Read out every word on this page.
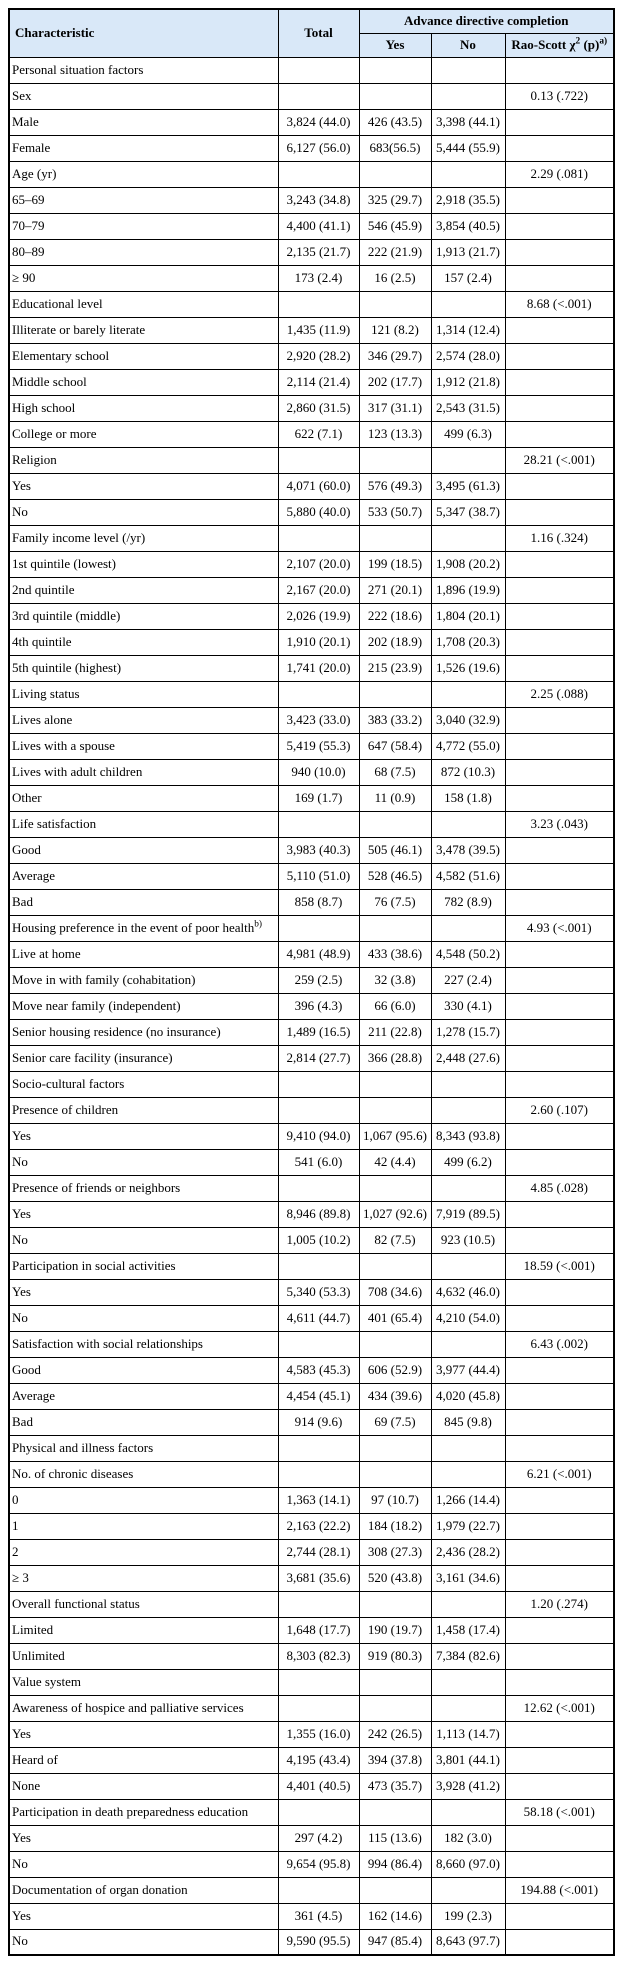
Characteristic	Total	Advance directive completion		
		Yes	No	Rao-Scott $\chi^2$ $(p)^{a)}$
Personal situation factors				
Sex				0.13 (.722)
Male	3,824 (44.0)	426 (43.5)	3,398 (44.1)	
Female	6,127 (56.0)	683(56.5)	5,444 (55.9)	
Age (yr)				2.29 (.081)
65–69	3,243 (34.8)	325 (29.7)	2,918 (35.5)	
70–79	4,400 (41.1)	546 (45.9)	3,854 (40.5)	
80–89	2,135 (21.7)	222 (21.9)	1,913 (21.7)	
≥ 90	173 (2.4)	16 (2.5)	157 (2.4)	
Educational level				8.68 (<.001)
Illiterate or barely literate	1,435 (11.9)	121 (8.2)	1,314 (12.4)	
Elementary school	2,920 (28.2)	346 (29.7)	2,574 (28.0)	
Middle school	2,114 (21.4)	202 (17.7)	1,912 (21.8)	
High school	2,860 (31.5)	317 (31.1)	2,543 (31.5)	
College or more	622 (7.1)	123 (13.3)	499 (6.3)	
Religion				28.21 (<.001)
Yes	4,071 (60.0)	576 (49.3)	3,495 (61.3)	
No	5,880 (40.0)	533 (50.7)	5,347 (38.7)	
Family income level (/yr)				1.16 (.324)
1st quintile (lowest)	2,107 (20.0)	199 (18.5)	1,908 (20.2)	
2nd quintile	2,167 (20.0)	271 (20.1)	1,896 (19.9)	
3rd quintile (middle)	2,026 (19.9)	222 (18.6)	1,804 (20.1)	
4th quintile	1,910 (20.1)	202 (18.9)	1,708 (20.3)	
5th quintile (highest)	1,741 (20.0)	215 (23.9)	1,526 (19.6)	
Living status				2.25 (.088)
Lives alone	3,423 (33.0)	383 (33.2)	3,040 (32.9)	
Lives with a spouse	5,419 (55.3)	647 (58.4)	4,772 (55.0)	
Lives with adult children	940 (10.0)	68 (7.5)	872 (10.3)	
Other	169 (1.7)	11 (0.9)	158 (1.8)	
Life satisfaction				3.23 (.043)
Good	3,983 (40.3)	505 (46.1)	3,478 (39.5)	
Average	5,110 (51.0)	528 (46.5)	4,582 (51.6)	
Bad	858 (8.7)	76 (7.5)	782 (8.9)	
Housing preference in the event of poor health$^{b)}$				4.93 (<.001)
Live at home	4,981 (48.9)	433 (38.6)	4,548 (50.2)	
Move in with family (cohabitation)	259 (2.5)	32 (3.8)	227 (2.4)	
Move near family (independent)	396 (4.3)	66 (6.0)	330 (4.1)	
Senior housing residence (no insurance)	1,489 (16.5)	211 (22.8)	1,278 (15.7)	
Senior care facility (insurance)	2,814 (27.7)	366 (28.8)	2,448 (27.6)	
Socio-cultural factors				
Presence of children				2.60 (.107)
Yes	9,410 (94.0)	1,067 (95.6)	8,343 (93.8)	
No	541 (6.0)	42 (4.4)	499 (6.2)	
Presence of friends or neighbors				4.85 (.028)
Yes	8,946 (89.8)	1,027 (92.6)	7,919 (89.5)	
No	1,005 (10.2)	82 (7.5)	923 (10.5)	
Participation in social activities				18.59 (<.001)
Yes	5,340 (53.3)	708 (34.6)	4,632 (46.0)	
No	4,611 (44.7)	401 (65.4)	4,210 (54.0)	
Satisfaction with social relationships				6.43 (.002)
Good	4,583 (45.3)	606 (52.9)	3,977 (44.4)	
Average	4,454 (45.1)	434 (39.6)	4,020 (45.8)	
Bad	914 (9.6)	69 (7.5)	845 (9.8)	
Physical and illness factors				
No. of chronic diseases				6.21 (<.001)
0	1,363 (14.1)	97 (10.7)	1,266 (14.4)	
1	2,163 (22.2)	184 (18.2)	1,979 (22.7)	
2	2,744 (28.1)	308 (27.3)	2,436 (28.2)	
≥ 3	3,681 (35.6)	520 (43.8)	3,161 (34.6)	
Overall functional status				1.20 (.274)
Limited	1,648 (17.7)	190 (19.7)	1,458 (17.4)	
Unlimited	8,303 (82.3)	919 (80.3)	7,384 (82.6)	
Value system				
Awareness of hospice and palliative services				12.62 (<.001)
Yes	1,355 (16.0)	242 (26.5)	1,113 (14.7)	
Heard of	4,195 (43.4)	394 (37.8)	3,801 (44.1)	
None	4,401 (40.5)	473 (35.7)	3,928 (41.2)	
Participation in death preparedness education				58.18 (<.001)
Yes	297 (4.2)	115 (13.6)	182 (3.0)	
No	9,654 (95.8)	994 (86.4)	8,660 (97.0)	
Documentation of organ donation				194.88 (<.001)
Yes	361 (4.5)	162 (14.6)	199 (2.3)	
No	9,590 (95.5)	947 (85.4)	8,643 (97.7)	
